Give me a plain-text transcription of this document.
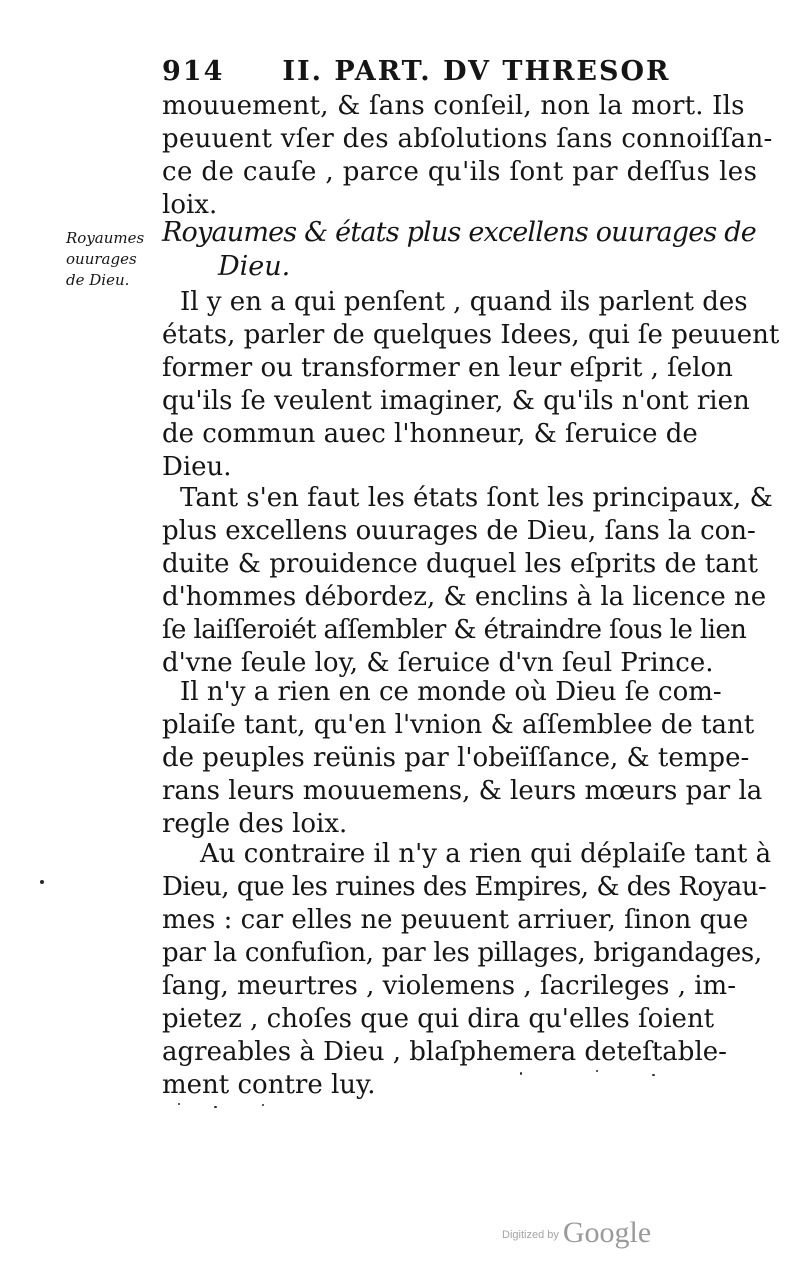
914 II. PART. DV THRESOR
mouuement, & ſans conſeil, non la mort. Ils
peuuent vſer des abſolutions ſans connoiſſan-
ce de cauſe , parce qu'ils ſont par deſſus les
loix.
Royaumes
ouurages
de Dieu.
Royaumes & états plus excellens ouurages de
Dieu.
Il y en a qui penſent , quand ils parlent des
états, parler de quelques Idees, qui ſe peuuent
former ou transformer en leur eſprit , ſelon
qu'ils ſe veulent imaginer, & qu'ils n'ont rien
de commun auec l'honneur, & ſeruice de
Dieu.
Tant s'en faut les états ſont les principaux, &
plus excellens ouurages de Dieu, ſans la con-
duite & prouidence duquel les eſprits de tant
d'hommes débordez, & enclins à la licence ne
ſe laiſſeroiét aſſembler & étraindre ſous le lien
d'vne ſeule loy, & ſeruice d'vn ſeul Prince.
Il n'y a rien en ce monde où Dieu ſe com-
plaiſe tant, qu'en l'vnion & aſſemblee de tant
de peuples reünis par l'obeïſſance, & tempe-
rans leurs mouuemens, & leurs mœurs par la
regle des loix.
Au contraire il n'y a rien qui déplaiſe tant à
Dieu, que les ruines des Empires, & des Royau-
mes : car elles ne peuuent arriuer, ſinon que
par la confuſion, par les pillages, brigandages,
ſang, meurtres , violemens , ſacrileges , im-
pietez , choſes que qui dira qu'elles ſoient
agreables à Dieu , blaſphemera deteſtable-
ment contre luy.
$^{Digitized by}$ Google
